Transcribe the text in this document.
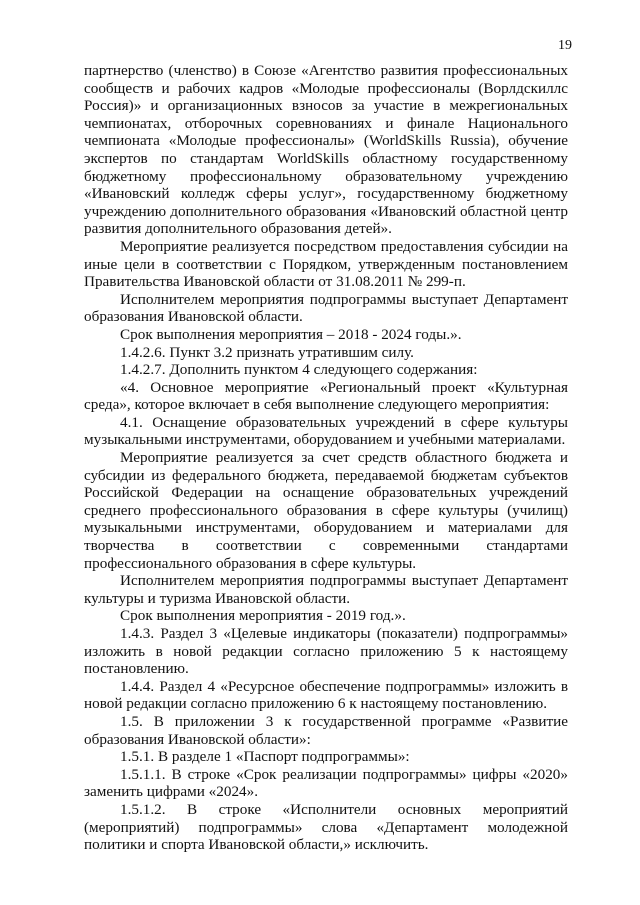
19

партнерство (членство) в Союзе «Агентство развития профессиональных сообществ и рабочих кадров «Молодые профессионалы (Ворлдскиллс Россия)» и организационных взносов за участие в межрегиональных чемпионатах, отборочных соревнованиях и финале Национального чемпионата «Молодые профессионалы» (WorldSkills Russia), обучение экспертов по стандартам WorldSkills областному государственному бюджетному профессиональному образовательному учреждению «Ивановский колледж сферы услуг», государственному бюджетному учреждению дополнительного образования «Ивановский областной центр развития дополнительного образования детей».

Мероприятие реализуется посредством предоставления субсидии на иные цели в соответствии с Порядком, утвержденным постановлением Правительства Ивановской области от 31.08.2011 № 299-п.

Исполнителем мероприятия подпрограммы выступает Департамент образования Ивановской области.

Срок выполнения мероприятия – 2018 - 2024 годы.».

1.4.2.6. Пункт 3.2 признать утратившим силу.

1.4.2.7. Дополнить пунктом 4 следующего содержания:

«4. Основное мероприятие «Региональный проект «Культурная среда», которое включает в себя выполнение следующего мероприятия:

4.1. Оснащение образовательных учреждений в сфере культуры музыкальными инструментами, оборудованием и учебными материалами.

Мероприятие реализуется за счет средств областного бюджета и субсидии из федерального бюджета, передаваемой бюджетам субъектов Российской Федерации на оснащение образовательных учреждений среднего профессионального образования в сфере культуры (училищ) музыкальными инструментами, оборудованием и материалами для творчества в соответствии с современными стандартами профессионального образования в сфере культуры.

Исполнителем мероприятия подпрограммы выступает Департамент культуры и туризма Ивановской области.

Срок выполнения мероприятия - 2019 год.».

1.4.3. Раздел 3 «Целевые индикаторы (показатели) подпрограммы» изложить в новой редакции согласно приложению 5 к настоящему постановлению.

1.4.4. Раздел 4 «Ресурсное обеспечение подпрограммы» изложить в новой редакции согласно приложению 6 к настоящему постановлению.

1.5. В приложении 3 к государственной программе «Развитие образования Ивановской области»:

1.5.1. В разделе 1 «Паспорт подпрограммы»:

1.5.1.1. В строке «Срок реализации подпрограммы» цифры «2020» заменить цифрами «2024».

1.5.1.2. В строке «Исполнители основных мероприятий (мероприятий) подпрограммы» слова «Департамент молодежной политики и спорта Ивановской области,» исключить.
